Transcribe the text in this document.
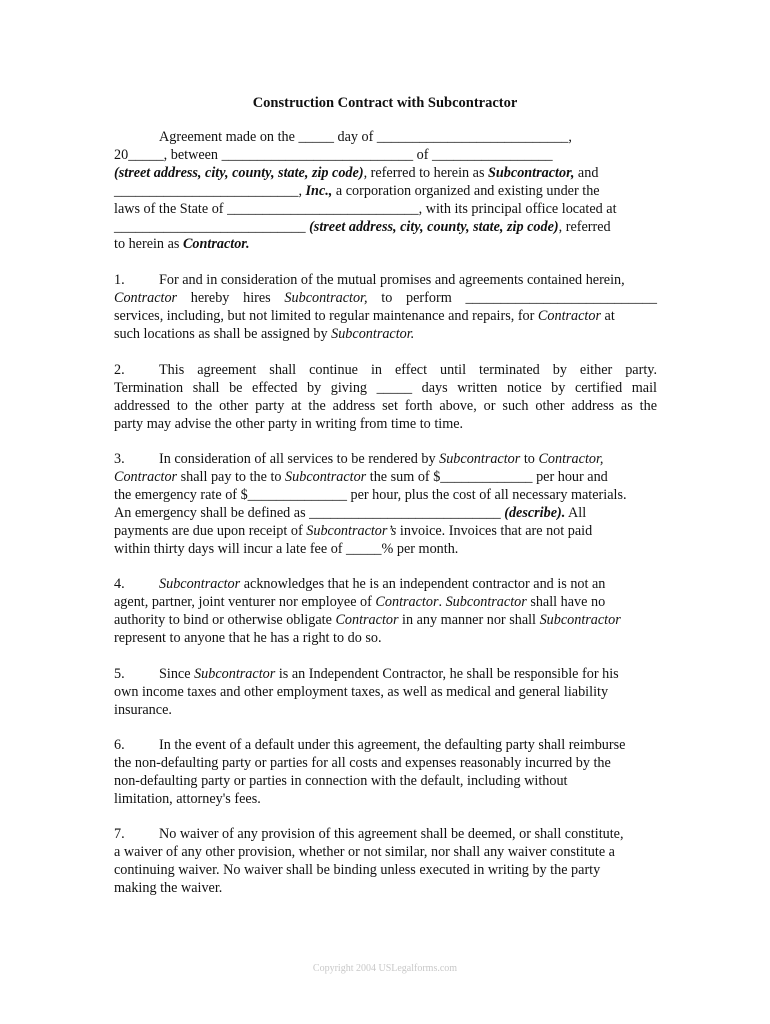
Construction Contract with Subcontractor
Agreement made on the _____ day of ___________________________,
20_____, between ___________________________ of _________________
(street address, city, county, state, zip code), referred to herein as Subcontractor, and
__________________________, Inc., a corporation organized and existing under the
laws of the State of ___________________________, with its principal office located at
___________________________ (street address, city, county, state, zip code), referred
to herein as Contractor.
1. For and in consideration of the mutual promises and agreements contained herein,
Contractor hereby hires Subcontractor, to perform ___________________________
services, including, but not limited to regular maintenance and repairs, for Contractor at
such locations as shall be assigned by Subcontractor.
2. This agreement shall continue in effect until terminated by either party.
Termination shall be effected by giving _____ days written notice by certified mail
addressed to the other party at the address set forth above, or such other address as the
party may advise the other party in writing from time to time.
3. In consideration of all services to be rendered by Subcontractor to Contractor,
Contractor shall pay to the to Subcontractor the sum of $_____________ per hour and
the emergency rate of $______________ per hour, plus the cost of all necessary materials.
An emergency shall be defined as ___________________________ (describe). All
payments are due upon receipt of Subcontractor’s invoice. Invoices that are not paid
within thirty days will incur a late fee of _____% per month.
4. Subcontractor acknowledges that he is an independent contractor and is not an
agent, partner, joint venturer nor employee of Contractor. Subcontractor shall have no
authority to bind or otherwise obligate Contractor in any manner nor shall Subcontractor
represent to anyone that he has a right to do so.
5. Since Subcontractor is an Independent Contractor, he shall be responsible for his
own income taxes and other employment taxes, as well as medical and general liability
insurance.
6. In the event of a default under this agreement, the defaulting party shall reimburse
the non-defaulting party or parties for all costs and expenses reasonably incurred by the
non-defaulting party or parties in connection with the default, including without
limitation, attorney's fees.
7. No waiver of any provision of this agreement shall be deemed, or shall constitute,
a waiver of any other provision, whether or not similar, nor shall any waiver constitute a
continuing waiver. No waiver shall be binding unless executed in writing by the party
making the waiver.
Copyright 2004 USLegalforms.com
